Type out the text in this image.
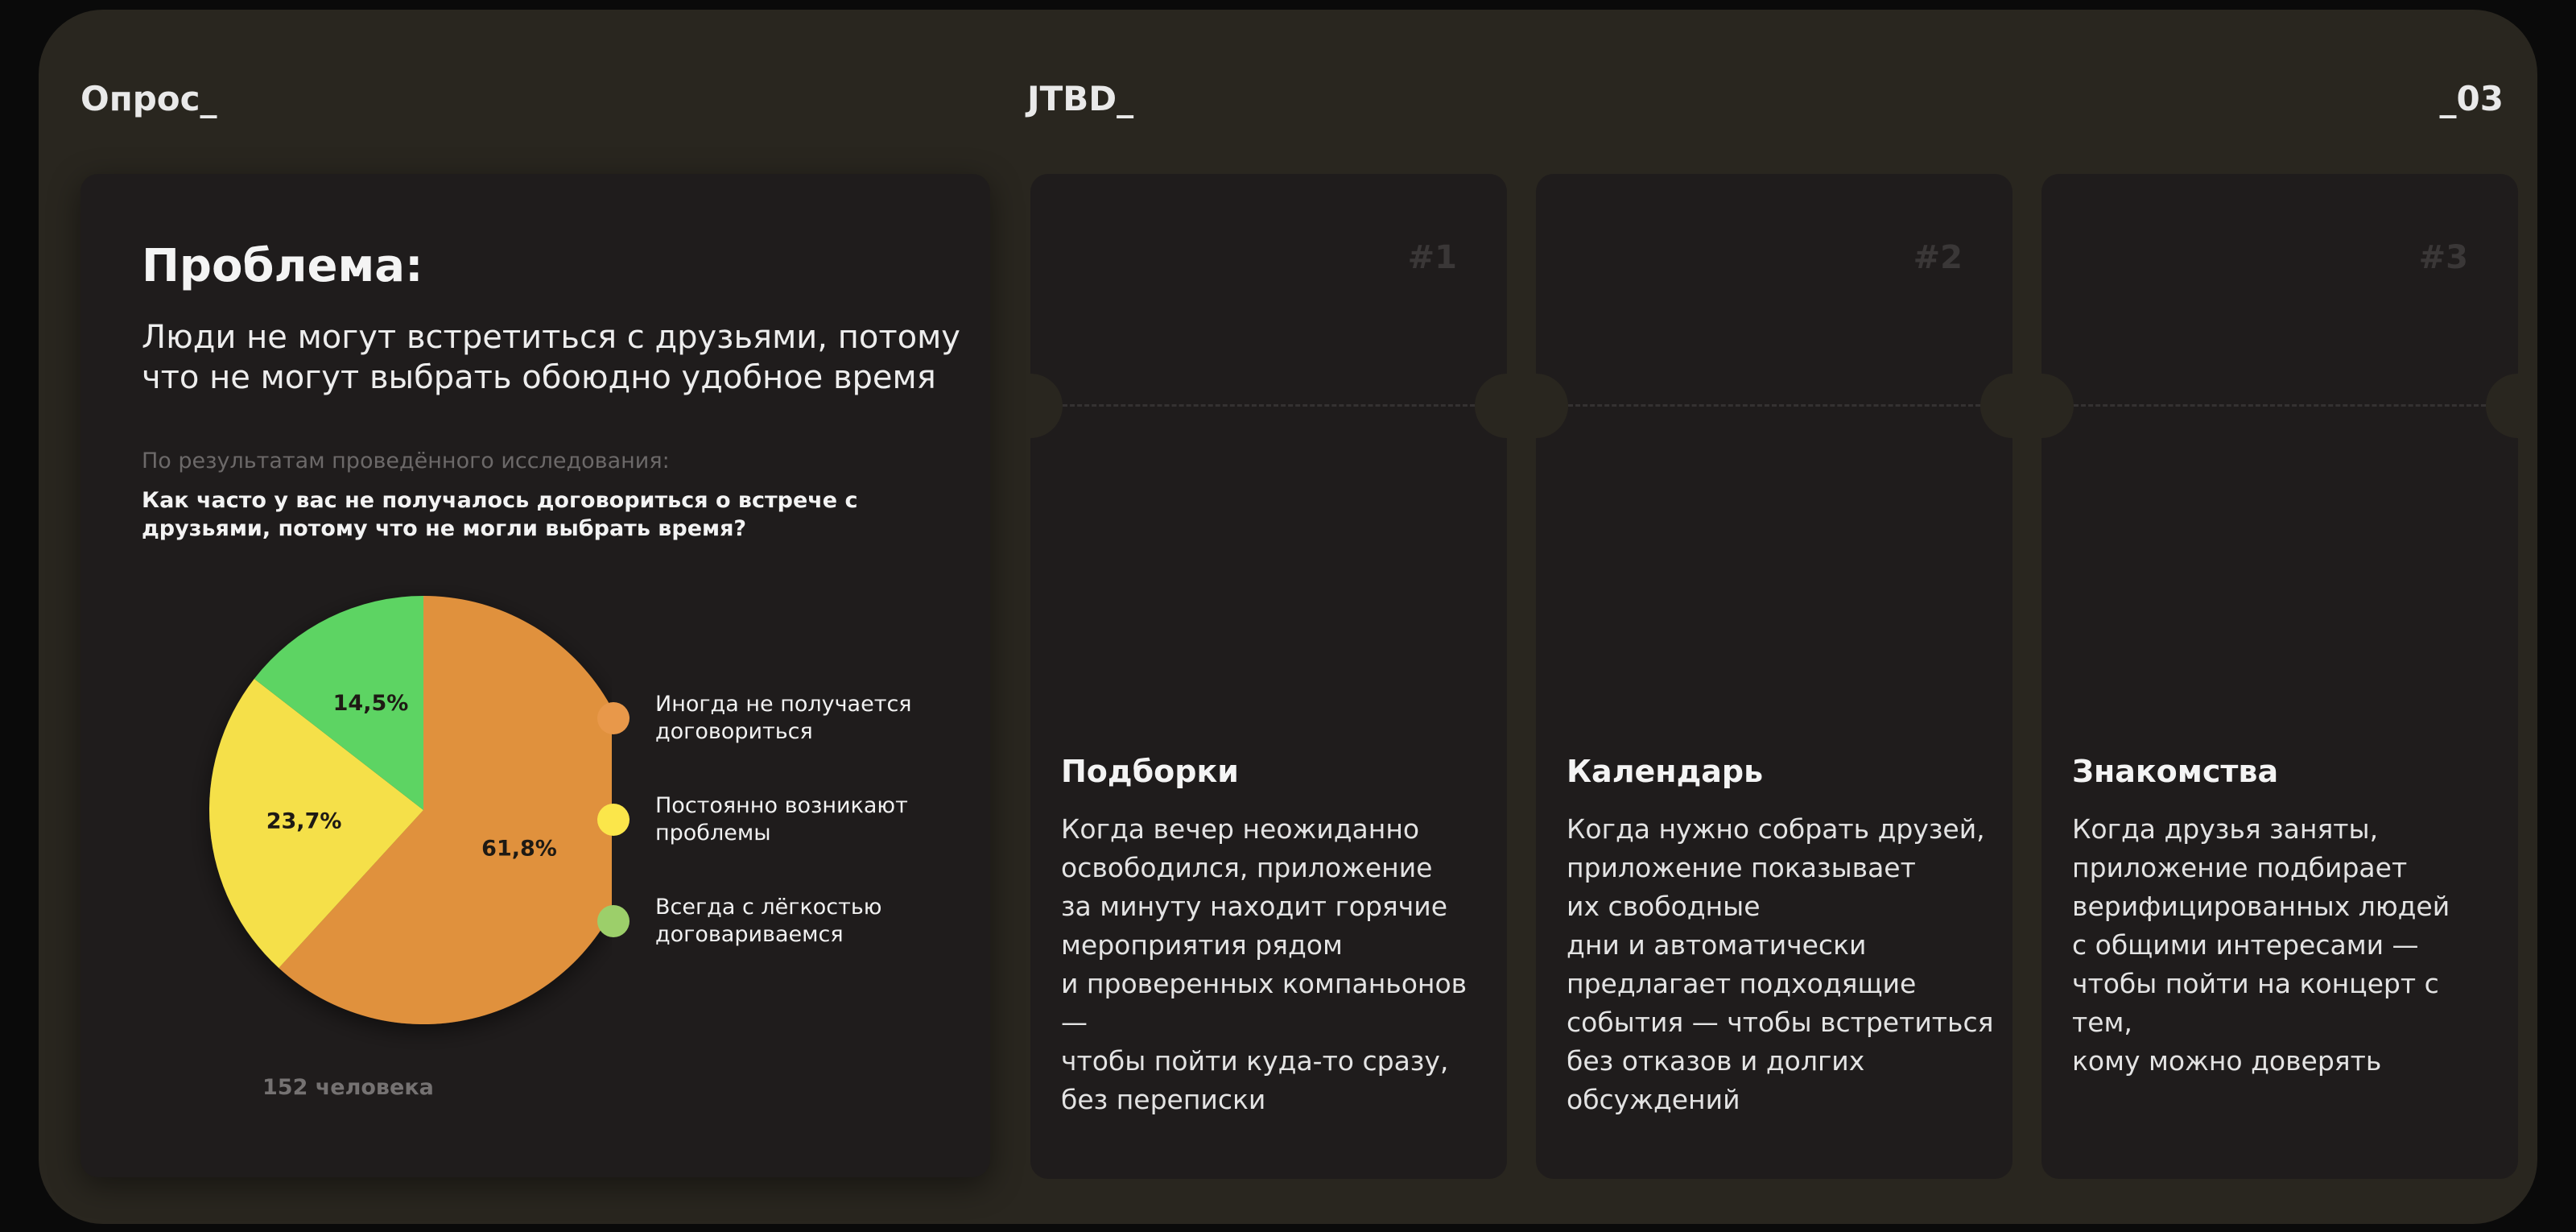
Опрос_	JTBD_	_03
Проблема:
Люди не могут встретиться с друзьями, потому что не могут выбрать обоюдно удобное время
По результатам проведённого исследования:
Как часто у вас не получалось договориться о встрече с друзьями, потому что не могли выбрать время?
61,8%
23,7%
14,5%	Иногда не получается договориться
Постоянно возникают проблемы
Всегда с лёгкостью договариваемся
152 человека
#1
Подборки
Когда вечер неожиданно
освободился, приложение
за минуту находит горячие
мероприятия рядом
и проверенных компаньонов —
чтобы пойти куда-то сразу,
без переписки
#2
Календарь
Когда нужно собрать друзей,
приложение показывает
их свободные
дни и автоматически
предлагает подходящие
события — чтобы встретиться
без отказов и долгих
обсуждений
#3
Знакомства
Когда друзья заняты,
приложение подбирает
верифицированных людей
с общими интересами —
чтобы пойти на концерт с тем,
кому можно доверять
